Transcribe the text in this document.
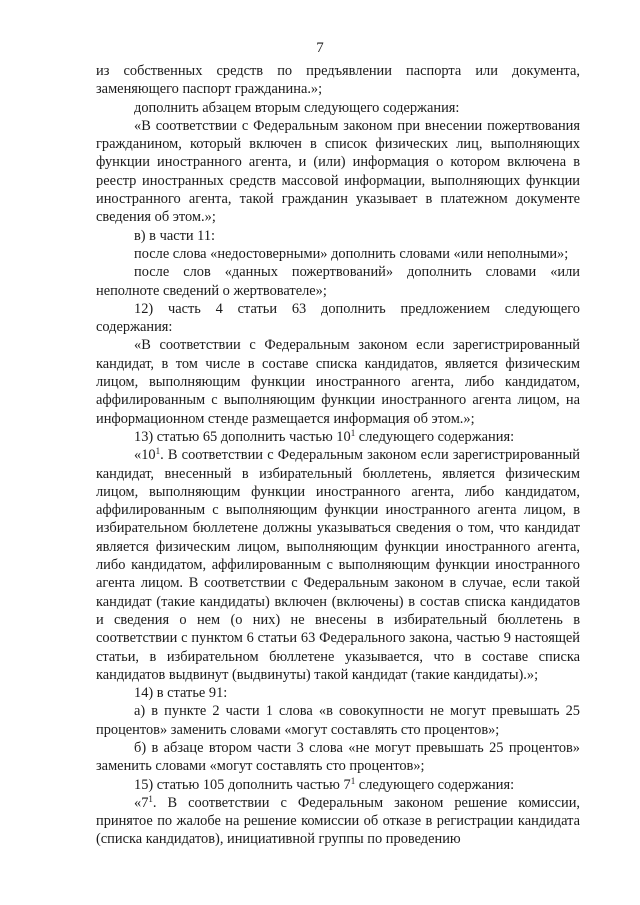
7

из собственных средств по предъявлении паспорта или документа, заменяющего паспорт гражданина.»;

дополнить абзацем вторым следующего содержания:

«В соответствии с Федеральным законом при внесении пожертвования гражданином, который включен в список физических лиц, выполняющих функции иностранного агента, и (или) информация о котором включена в реестр иностранных средств массовой информации, выполняющих функции иностранного агента, такой гражданин указывает в платежном документе сведения об этом.»;

в) в части 11:

после слова «недостоверными» дополнить словами «или неполными»;

после слов «данных пожертвований» дополнить словами «или неполноте сведений о жертвователе»;

12) часть 4 статьи 63 дополнить предложением следующего содержания:

«В соответствии с Федеральным законом если зарегистрированный кандидат, в том числе в составе списка кандидатов, является физическим лицом, выполняющим функции иностранного агента, либо кандидатом, аффилированным с выполняющим функции иностранного агента лицом, на информационном стенде размещается информация об этом.»;

13) статью 65 дополнить частью $10^1$ следующего содержания:

«$10^1$. В соответствии с Федеральным законом если зарегистрированный кандидат, внесенный в избирательный бюллетень, является физическим лицом, выполняющим функции иностранного агента, либо кандидатом, аффилированным с выполняющим функции иностранного агента лицом, в избирательном бюллетене должны указываться сведения о том, что кандидат является физическим лицом, выполняющим функции иностранного агента, либо кандидатом, аффилированным с выполняющим функции иностранного агента лицом. В соответствии с Федеральным законом в случае, если такой кандидат (такие кандидаты) включен (включены) в состав списка кандидатов и сведения о нем (о них) не внесены в избирательный бюллетень в соответствии с пунктом 6 статьи 63 Федерального закона, частью 9 настоящей статьи, в избирательном бюллетене указывается, что в составе списка кандидатов выдвинут (выдвинуты) такой кандидат (такие кандидаты).»;

14) в статье 91:

а) в пункте 2 части 1 слова «в совокупности не могут превышать 25 процентов» заменить словами «могут составлять сто процентов»;

б) в абзаце втором части 3 слова «не могут превышать 25 процентов» заменить словами «могут составлять сто процентов»;

15) статью 105 дополнить частью $7^1$ следующего содержания:

«$7^1$. В соответствии с Федеральным законом решение комиссии, принятое по жалобе на решение комиссии об отказе в регистрации кандидата (списка кандидатов), инициативной группы по проведению
